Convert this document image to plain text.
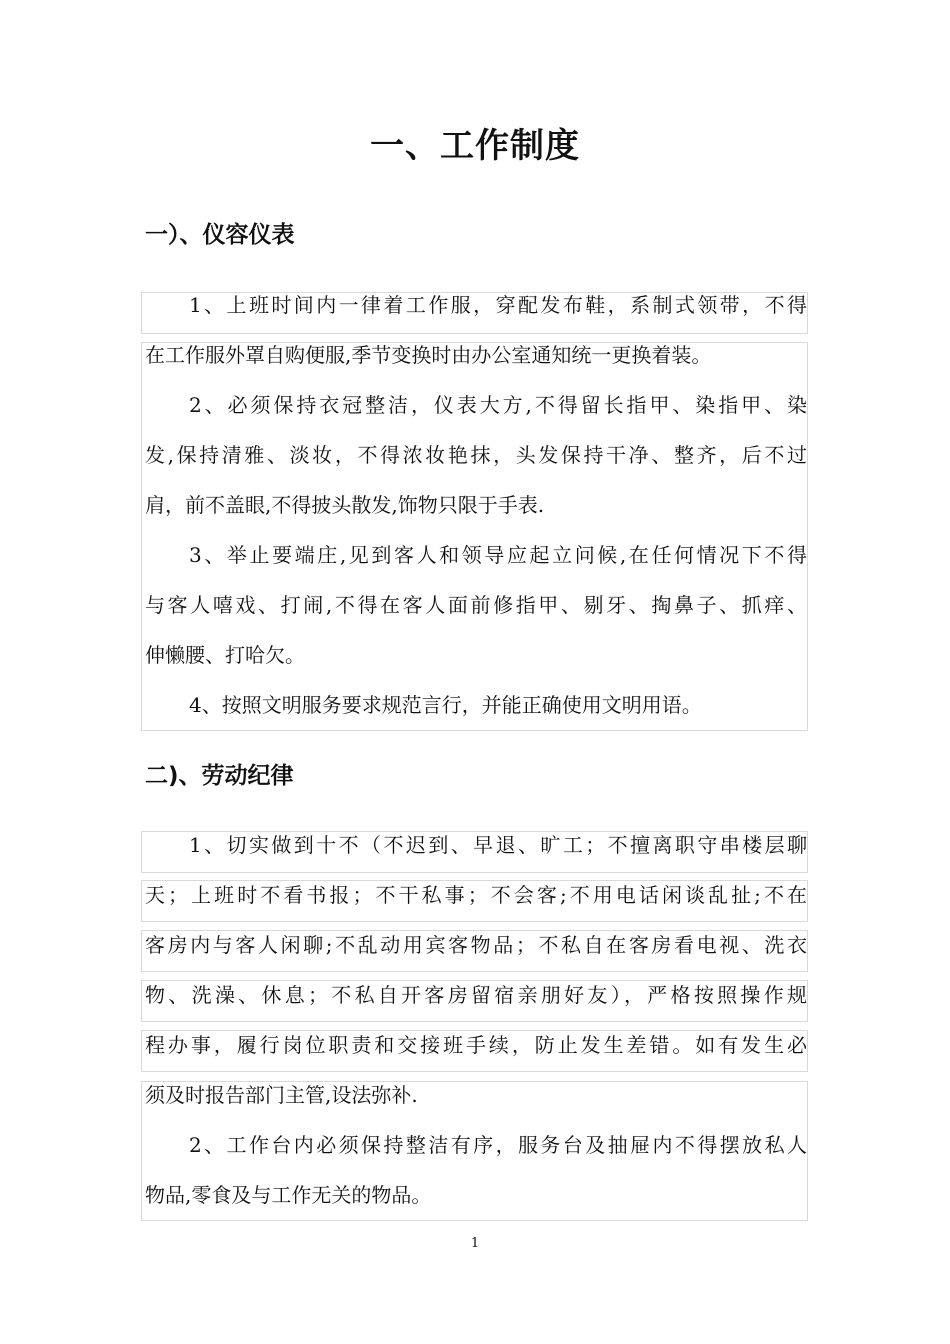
一、工作制度
一）、仪容仪表
1、上班时间内一律着工作服，穿配发布鞋，系制式领带，不得
在工作服外罩自购便服,季节变换时由办公室通知统一更换着装。
2、必须保持衣冠整洁，仪表大方,不得留长指甲、染指甲、染
发,保持清雅、淡妆，不得浓妆艳抹，头发保持干净、整齐，后不过
肩，前不盖眼,不得披头散发,饰物只限于手表.
3、举止要端庄,见到客人和领导应起立问候,在任何情况下不得
与客人嘻戏、打闹,不得在客人面前修指甲、剔牙、掏鼻子、抓痒、
伸懒腰、打哈欠。
4、按照文明服务要求规范言行，并能正确使用文明用语。
二)、劳动纪律
1、切实做到十不（不迟到、早退、旷工；不擅离职守串楼层聊
天；上班时不看书报；不干私事；不会客;不用电话闲谈乱扯;不在
客房内与客人闲聊;不乱动用宾客物品；不私自在客房看电视、洗衣
物、洗澡、休息；不私自开客房留宿亲朋好友），严格按照操作规
程办事，履行岗位职责和交接班手续，防止发生差错。如有发生必
须及时报告部门主管,设法弥补.
2、工作台内必须保持整洁有序，服务台及抽屉内不得摆放私人
物品,零食及与工作无关的物品。
1
